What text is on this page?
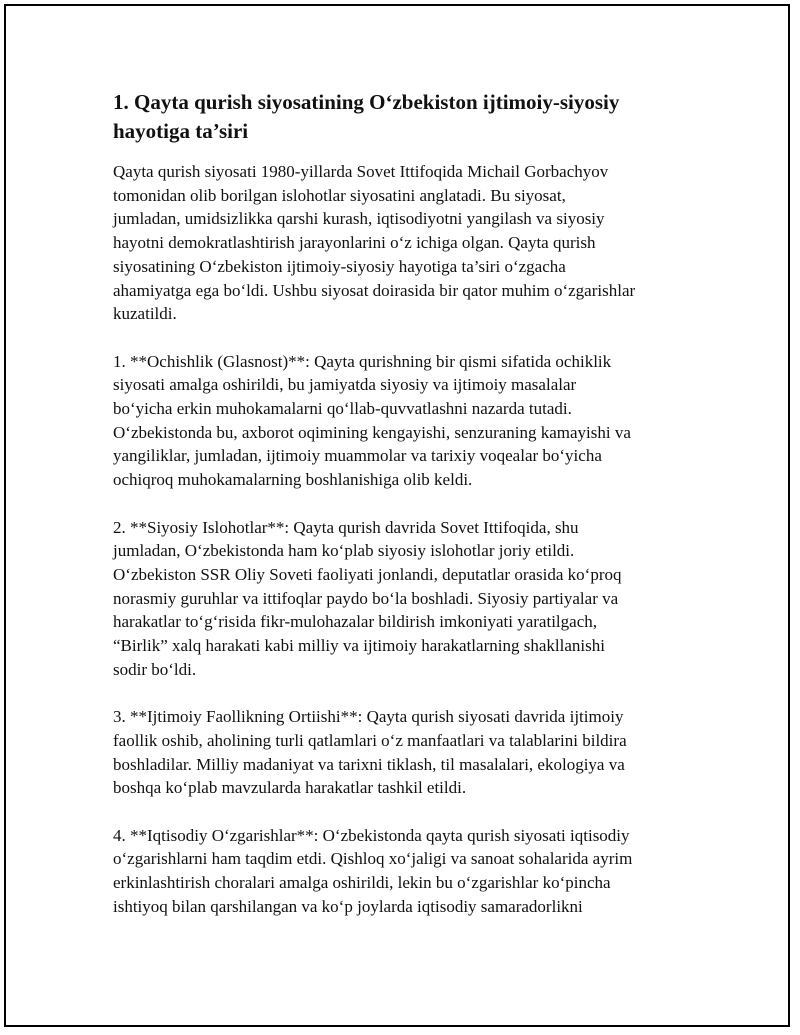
1. Qayta qurish siyosatining O‘zbekiston ijtimoiy-siyosiy
hayotiga ta’siri

Qayta qurish siyosati 1980-yillarda Sovet Ittifoqida Michail Gorbachyov
tomonidan olib borilgan islohotlar siyosatini anglatadi. Bu siyosat,
jumladan, umidsizlikka qarshi kurash, iqtisodiyotni yangilash va siyosiy
hayotni demokratlashtirish jarayonlarini o‘z ichiga olgan. Qayta qurish
siyosatining O‘zbekiston ijtimoiy-siyosiy hayotiga ta’siri o‘zgacha
ahamiyatga ega bo‘ldi. Ushbu siyosat doirasida bir qator muhim o‘zgarishlar
kuzatildi.

1. **Ochishlik (Glasnost)**: Qayta qurishning bir qismi sifatida ochiklik
siyosati amalga oshirildi, bu jamiyatda siyosiy va ijtimoiy masalalar
bo‘yicha erkin muhokamalarni qo‘llab-quvvatlashni nazarda tutadi.
O‘zbekistonda bu, axborot oqimining kengayishi, senzuraning kamayishi va
yangiliklar, jumladan, ijtimoiy muammolar va tarixiy voqealar bo‘yicha
ochiqroq muhokamalarning boshlanishiga olib keldi.

2. **Siyosiy Islohotlar**: Qayta qurish davrida Sovet Ittifoqida, shu
jumladan, O‘zbekistonda ham ko‘plab siyosiy islohotlar joriy etildi.
O‘zbekiston SSR Oliy Soveti faoliyati jonlandi, deputatlar orasida ko‘proq
norasmiy guruhlar va ittifoqlar paydo bo‘la boshladi. Siyosiy partiyalar va
harakatlar to‘g‘risida fikr-mulohazalar bildirish imkoniyati yaratilgach,
“Birlik” xalq harakati kabi milliy va ijtimoiy harakatlarning shakllanishi
sodir bo‘ldi.

3. **Ijtimoiy Faollikning Ortiishi**: Qayta qurish siyosati davrida ijtimoiy
faollik oshib, aholining turli qatlamlari o‘z manfaatlari va talablarini bildira
boshladilar. Milliy madaniyat va tarixni tiklash, til masalalari, ekologiya va
boshqa ko‘plab mavzularda harakatlar tashkil etildi.

4. **Iqtisodiy O‘zgarishlar**: O‘zbekistonda qayta qurish siyosati iqtisodiy
o‘zgarishlarni ham taqdim etdi. Qishloq xo‘jaligi va sanoat sohalarida ayrim
erkinlashtirish choralari amalga oshirildi, lekin bu o‘zgarishlar ko‘pincha
ishtiyoq bilan qarshilangan va ko‘p joylarda iqtisodiy samaradorlikni
